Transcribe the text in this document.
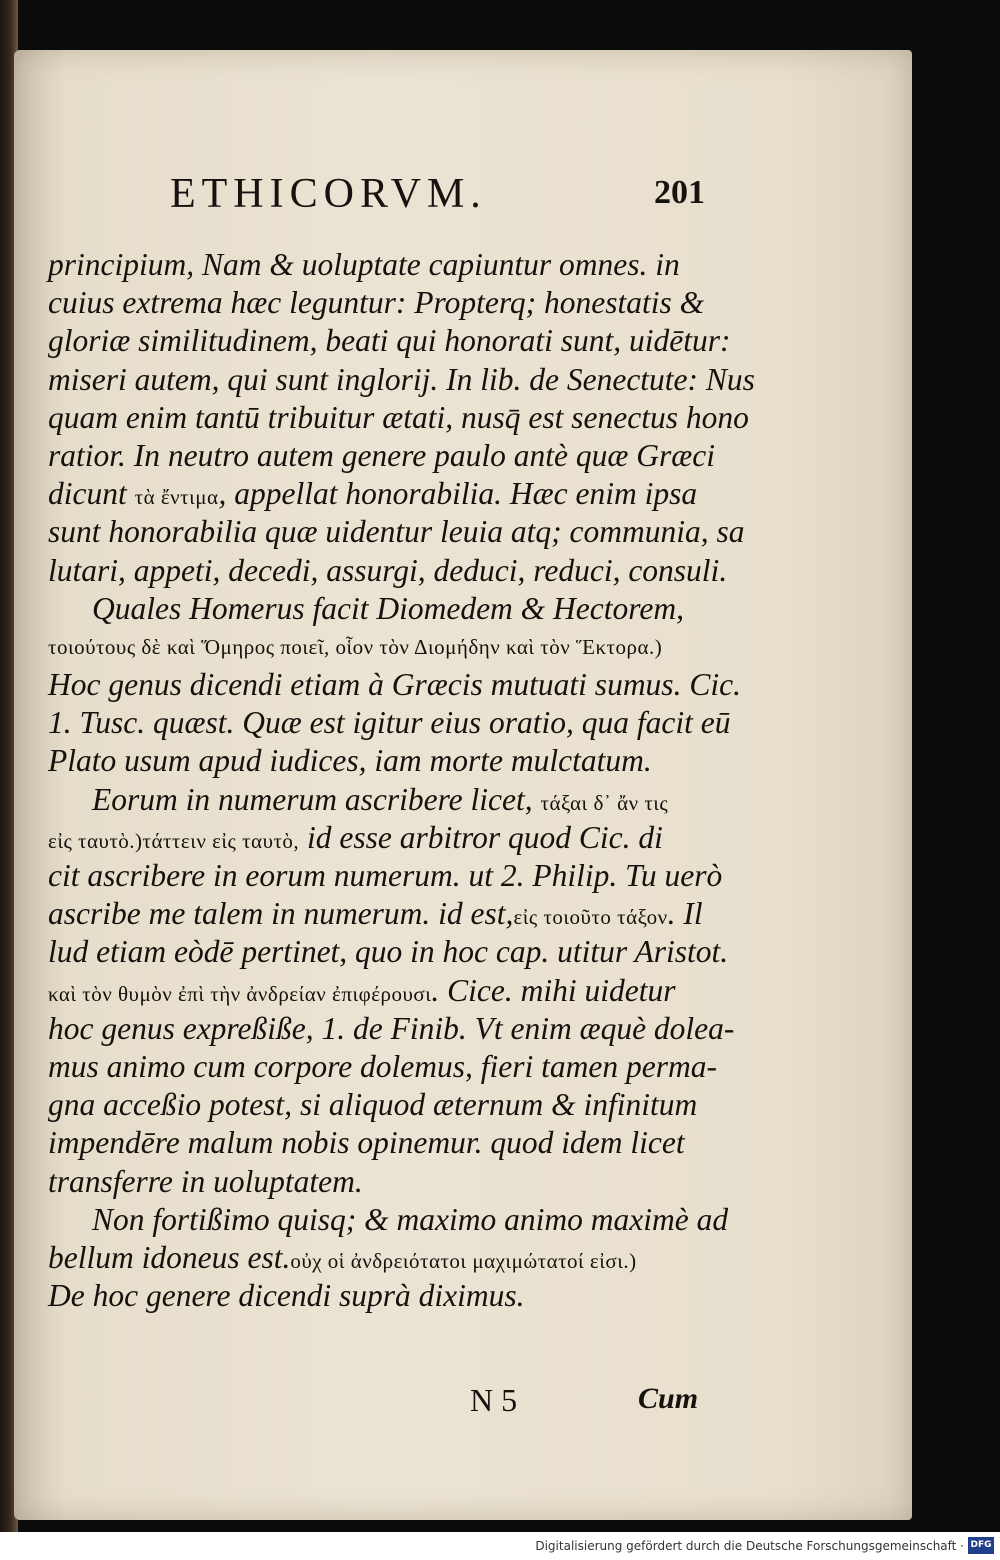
ETHICORVM.	201
principium, Nam & uoluptate capiuntur omnes. in
cuius extrema hæc leguntur: Propterq; honestatis &
gloriæ similitudinem, beati qui honorati sunt, uidētur:
miseri autem, qui sunt inglorij. In lib. de Senectute: Nus
quam enim tantū tribuitur ætati, nusq̄ est senectus hono
ratior. In neutro autem genere paulo antè quæ Græci
dicunt τὰ ἔντιμα, appellat honorabilia. Hæc enim ipsa
sunt honorabilia quæ uidentur leuia atq; communia, sa
lutari, appeti, decedi, assurgi, deduci, reduci, consuli.
Quales Homerus facit Diomedem & Hectorem,
τοιούτους δὲ καὶ Ὅμηρος ποιεῖ, οἷον τὸν Διομήδην καὶ τὸν Ἕκτορα.)
Hoc genus dicendi etiam à Græcis mutuati sumus. Cic.
1. Tusc. quæst. Quæ est igitur eius oratio, qua facit eū
Plato usum apud iudices, iam morte mulctatum.
Eorum in numerum ascribere licet, τάξαι δ᾽ ἄν τις
εἰς ταυτὸ.)τάττειν εἰς ταυτὸ, id esse arbitror quod Cic. di
cit ascribere in eorum numerum. ut 2. Philip. Tu uerò
ascribe me talem in numerum. id est,εἰς τοιοῦτο τάξον. Il
lud etiam eòdē pertinet, quo in hoc cap. utitur Aristot.
καὶ τὸν θυμὸν ἐπὶ τὴν ἀνδρείαν ἐπιφέρουσι. Cice. mihi uidetur
hoc genus expreßiße, 1. de Finib. Vt enim æquè dolea-
mus animo cum corpore dolemus, fieri tamen perma-
gna acceßio potest, si aliquod æternum & infinitum
impendēre malum nobis opinemur. quod idem licet
transferre in uoluptatem.
Non fortißimo quisq; & maximo animo maximè ad
bellum idoneus est.οὐχ οἱ ἀνδρειότατοι μαχιμώτατοί εἰσι.)
De hoc genere dicendi suprà diximus.
N 5	Cum
Digitalisierung gefördert durch die Deutsche Forschungsgemeinschaft · DFG
